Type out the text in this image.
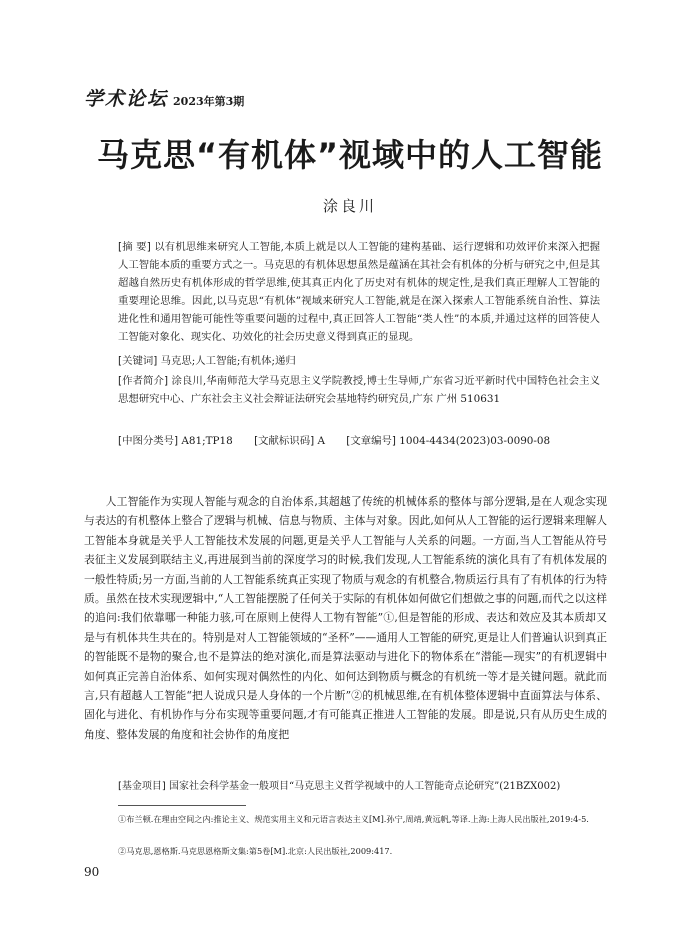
学术论坛 2023年第3期
马克思“有机体”视域中的人工智能
涂良川
[ 摘 要 ] 以有机思维来研究人工智能,本质上就是以人工智能的建构基础、运行逻辑和功效评价来深入把握人工智能本质的重要方式之一。马克思的有机体思想虽然是蕴涵在其社会有机体的分析与研究之中,但是其超越自然历史有机体形成的哲学思维,使其真正内化了历史对有机体的规定性,是我们真正理解人工智能的重要理论思维。因此,以马克思“有机体”视域来研究人工智能,就是在深入探索人工智能系统自治性、算法进化性和通用智能可能性等重要问题的过程中,真正回答人工智能“类人性”的本质,并通过这样的回答使人工智能对象化、现实化、功效化的社会历史意义得到真正的显现。
[ 关键词 ] 马克思;人工智能;有机体;递归
[ 作者简介 ] 涂良川,华南师范大学马克思主义学院教授,博士生导师,广东省习近平新时代中国特色社会主义思想研究中心、广东社会主义社会辩证法研究会基地特约研究员,广东 广州 510631
[ 中图分类号 ] A81;TP18 [ 文献标识码 ] A [ 文章编号 ] 1004-4434(2023)03-0090-08

人工智能作为实现人智能与观念的自治体系,其超越了传统的机械体系的整体与部分逻辑,是在人观念实现与表达的有机整体上整合了逻辑与机械、信息与物质、主体与对象。因此,如何从人工智能的运行逻辑来理解人工智能本身就是关乎人工智能技术发展的问题,更是关乎人工智能与人关系的问题。一方面,当人工智能从符号表征主义发展到联结主义,再进展到当前的深度学习的时候,我们发现,人工智能系统的演化具有了有机体发展的一般性特质;另一方面,当前的人工智能系统真正实现了物质与观念的有机整合,物质运行具有了有机体的行为特质。虽然在技术实现逻辑中,“人工智能摆脱了任何关于实际的有机体如何做它们想做之事的问题,而代之以这样的追问:我们依靠哪一种能力骇,可在原则上使得人工物有智能”①,但是智能的形成、表达和效应及其本质却又是与有机体共生共在的。特别是对人工智能领域的“圣杯”——通用人工智能的研究,更是让人们普遍认识到真正的智能既不是物的聚合,也不是算法的绝对演化,而是算法驱动与进化下的物体系在“潜能—现实”的有机逻辑中如何真正完善自治体系、如何实现对偶然性的内化、如何达到物质与概念的有机统一等才是关键问题。就此而言,只有超越人工智能“把人说成只是人身体的一个片断”②的机械思维,在有机体整体逻辑中直面算法与体系、固化与进化、有机协作与分布实现等重要问题,才有可能真正推进人工智能的发展。即是说,只有从历史生成的角度、整体发展的角度和社会协作的角度把

[ 基金项目 ] 国家社会科学基金一般项目“马克思主义哲学视域中的人工智能奇点论研究”(21BZX002)
①布兰顿.在理由空间之内:推论主义、规范实用主义和元语言表达主义[M].孙宁,周靖,黄远帆,等译.上海:上海人民出版社,2019:4-5.
②马克思,恩格斯.马克思恩格斯文集:第5卷[M].北京:人民出版社,2009:417.
90
